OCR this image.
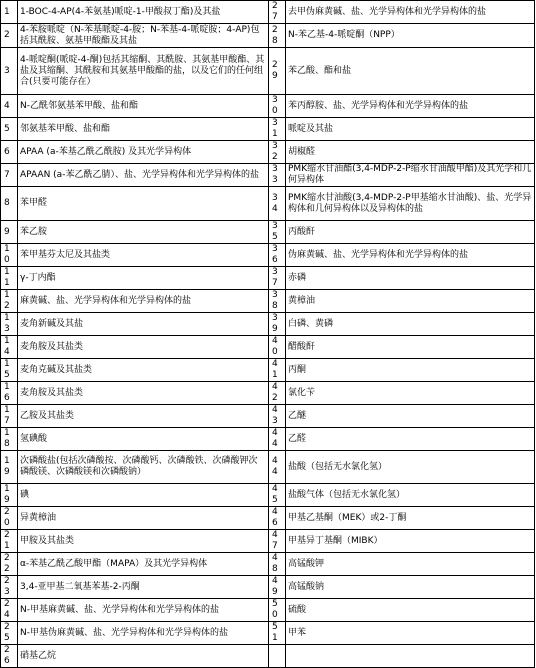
1	1-BOC-4-AP(4-苯氨基)哌啶-1-甲酸叔丁酯)及其盐	27	去甲伪麻黄碱、盐、光学异构体和光学异构体的盐
2	4-苯胺哌啶（N-苯基哌啶-4-胺；N-苯基-4-哌啶胺；4-AP)包括其酰胺、氨基甲酸酯及其盐	28	N-苯乙基-4-哌啶酮（NPP）
3	4-哌啶酮(哌啶-4-酮)包括其缩酮、其酰胺、其氨基甲酸酯、其盐及其缩酮、其酰胺和其氨基甲酸酯的盐，以及它们的任何组合(只要可能存在）	29	苯乙酸、酯和盐
4	N-乙酰邻氨基苯甲酸、盐和酯	30	苯丙醇胺、盐、光学异构体和光学异构体的盐
5	邻氨基苯甲酸、盐和酯	31	哌啶及其盐
6	APAA (a-苯基乙酰乙酰胺) 及其光学异构体	32	胡椒醛
7	APAAN (a-苯乙酰乙腈）、盐、光学异构体和光学异构体的盐	33	PMK缩水甘油酯(3,4-MDP-2-P缩水甘油酸甲酯)及其光学和几何异构体
8	苯甲醛	34	PMK缩水甘油酸(3,4-MDP-2-P甲基缩水甘油酸)、盐、光学异构体和几何异构体以及异构体的盐
9	苯乙胺	35	丙酸酐
10	苯甲基芬太尼及其盐类	36	伪麻黄碱、盐、光学异构体和光学异构体的盐
11	γ-丁内酯	37	赤磷
12	麻黄碱、盐、光学异构体和光学异构体的盐	38	黄樟油
13	麦角新碱及其盐	39	白磷、黄磷
14	麦角胺及其盐类	40	醋酸酐
15	麦角克碱及其盐类	41	丙酮
16	麦角胺及其盐类	42	氯化苄
17	乙胺及其盐类	43	乙醚
18	氢碘酸	44	乙醛
19	次磷酸盐(包括次磷酸按、次磷酸钙、次磷酸铁、次磷酸钾次磷酸镁、次磷酸镁和次磷酸钠）	44	盐酸（包括无水氯化氢）
19	碘	45	盐酸气体（包括无水氯化氢）
20	异黄樟油	46	甲基乙基酮（MEK）或2-丁酮
21	甲胺及其盐类	47	甲基异丁基酮（MIBK）
22	α-苯基乙酰乙酸甲酯（MAPA）及其光学异构体	48	高锰酸钾
23	3,4-亚甲基二氧基苯基-2-丙酮	49	高锰酸钠
24	N-甲基麻黄碱、盐、光学异构体和光学异构体的盐	50	硫酸
25	N-甲基伪麻黄碱、盐、光学异构体和光学异构体的盐	51	甲苯
26	硝基乙烷		
